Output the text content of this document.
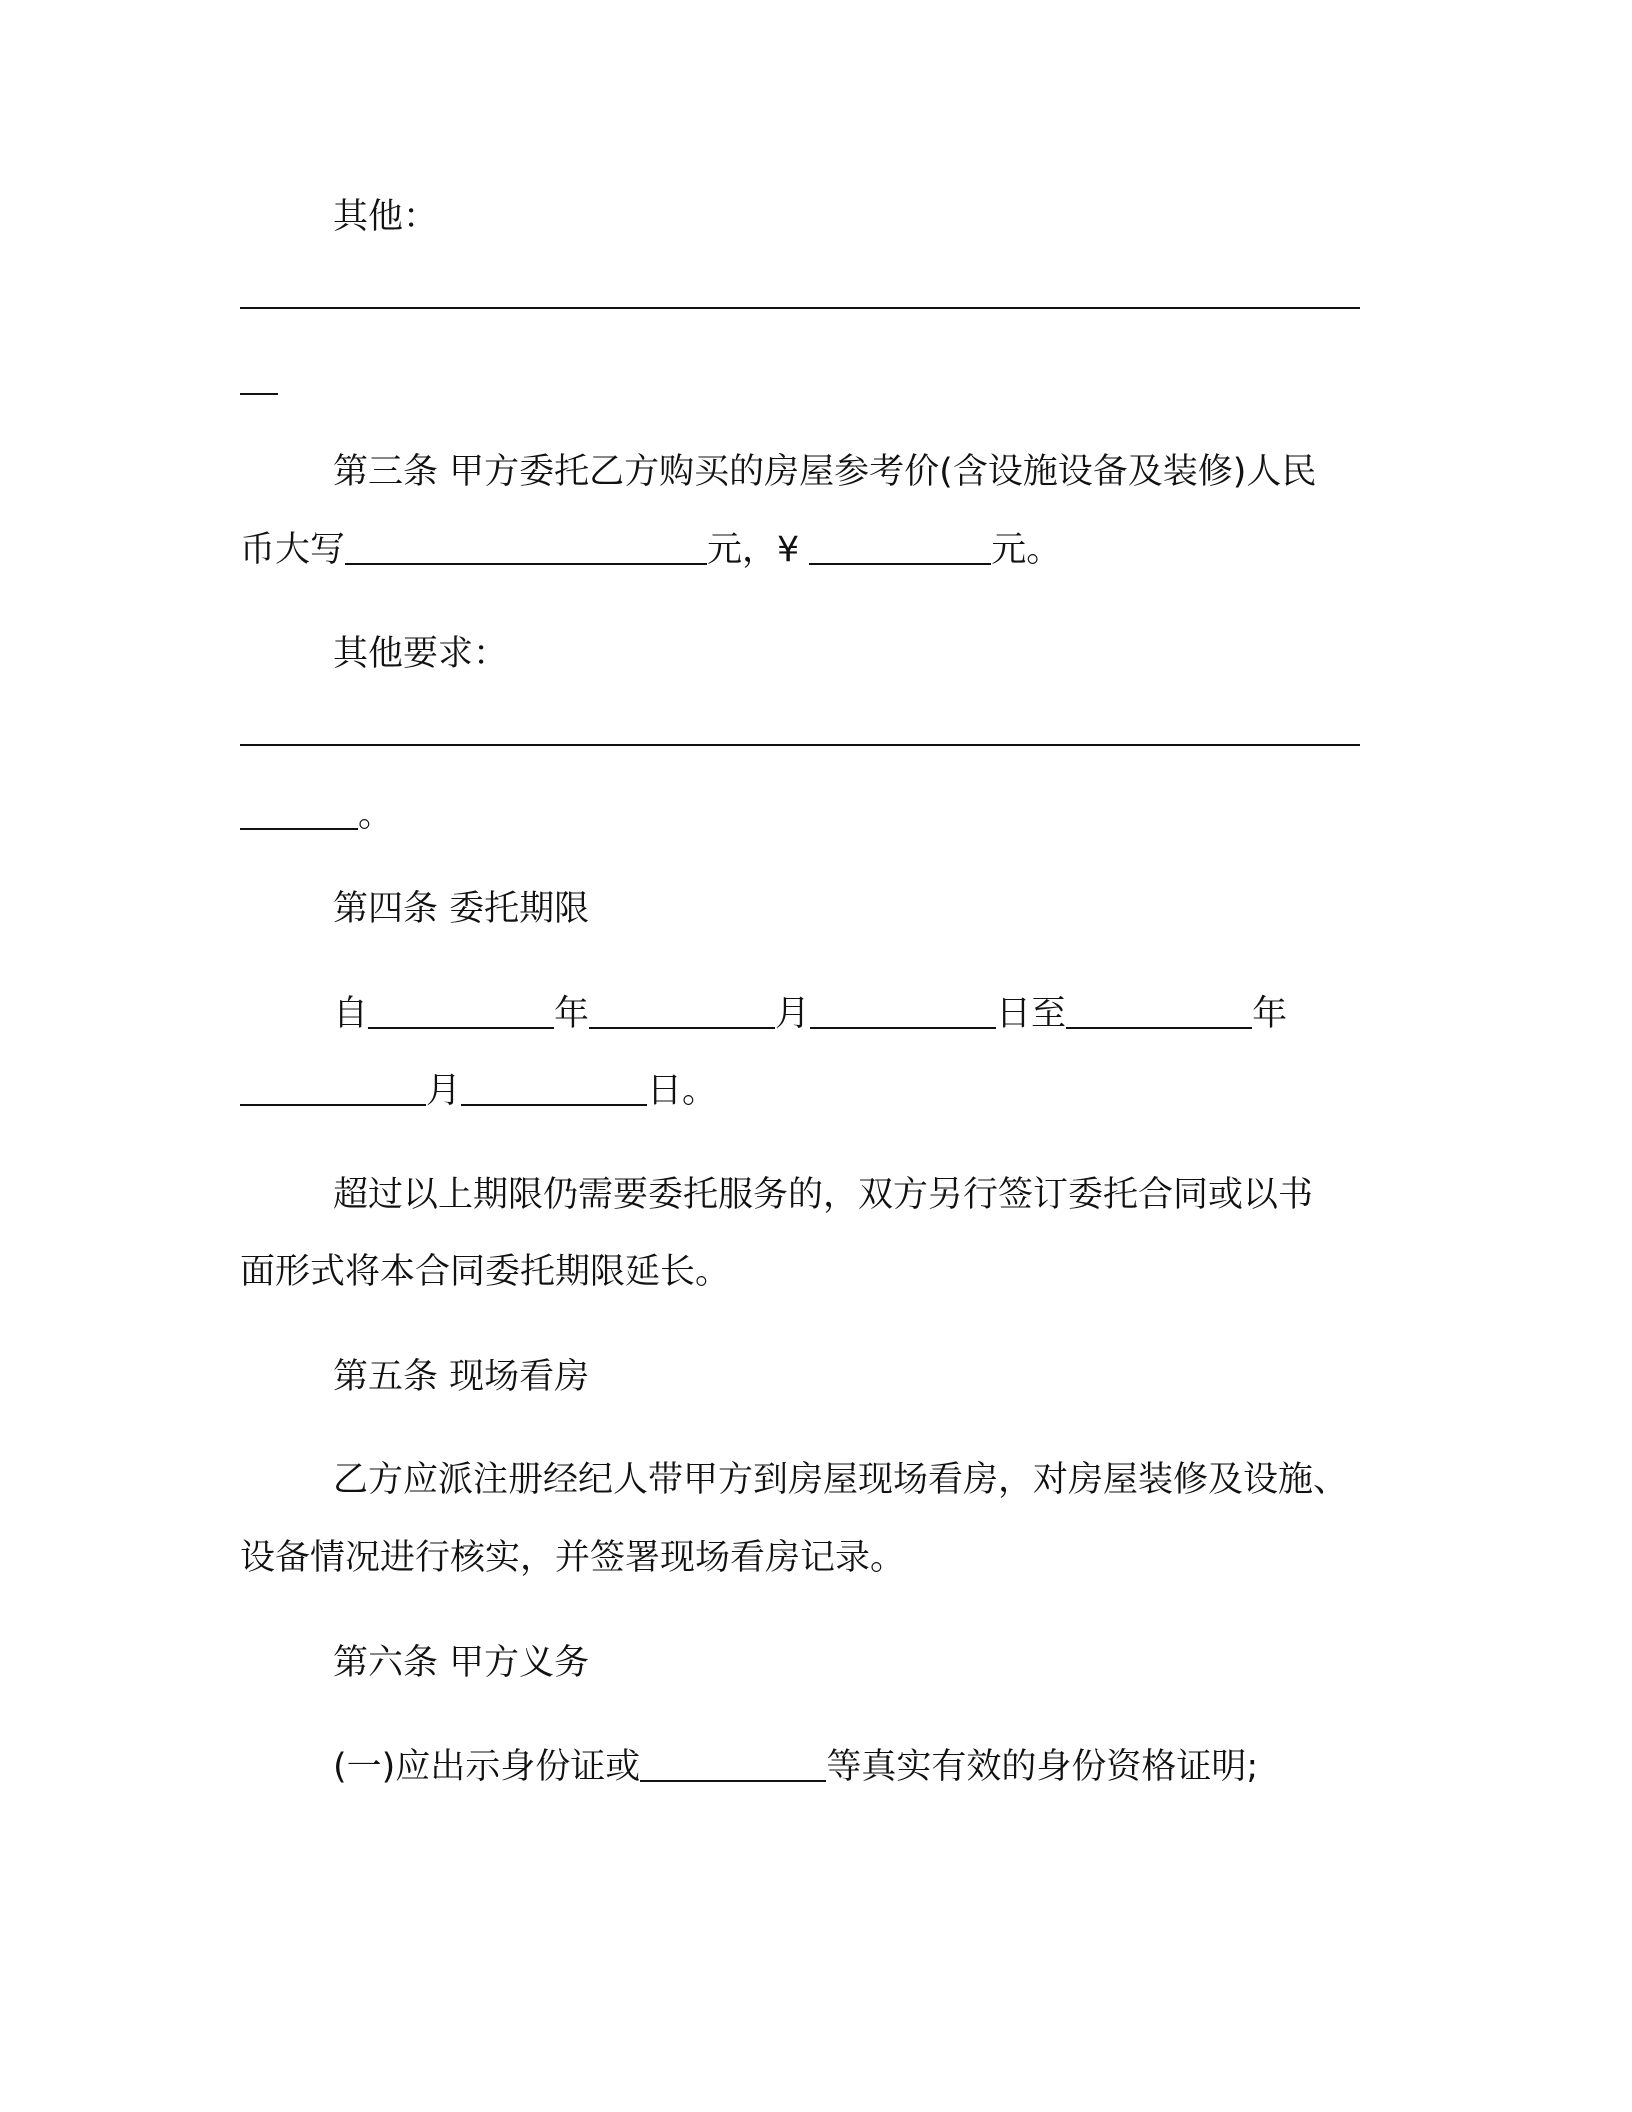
其他：
第三条 甲方委托乙方购买的房屋参考价(含设施设备及装修)人民
币大写	元，¥	元。
其他要求：
。
第四条 委托期限
自	年	月	日至	年
月	日。
超过以上期限仍需要委托服务的，双方另行签订委托合同或以书
面形式将本合同委托期限延长。
第五条 现场看房
乙方应派注册经纪人带甲方到房屋现场看房，对房屋装修及设施、
设备情况进行核实，并签署现场看房记录。
第六条 甲方义务
(一)应出示身份证或	等真实有效的身份资格证明;
